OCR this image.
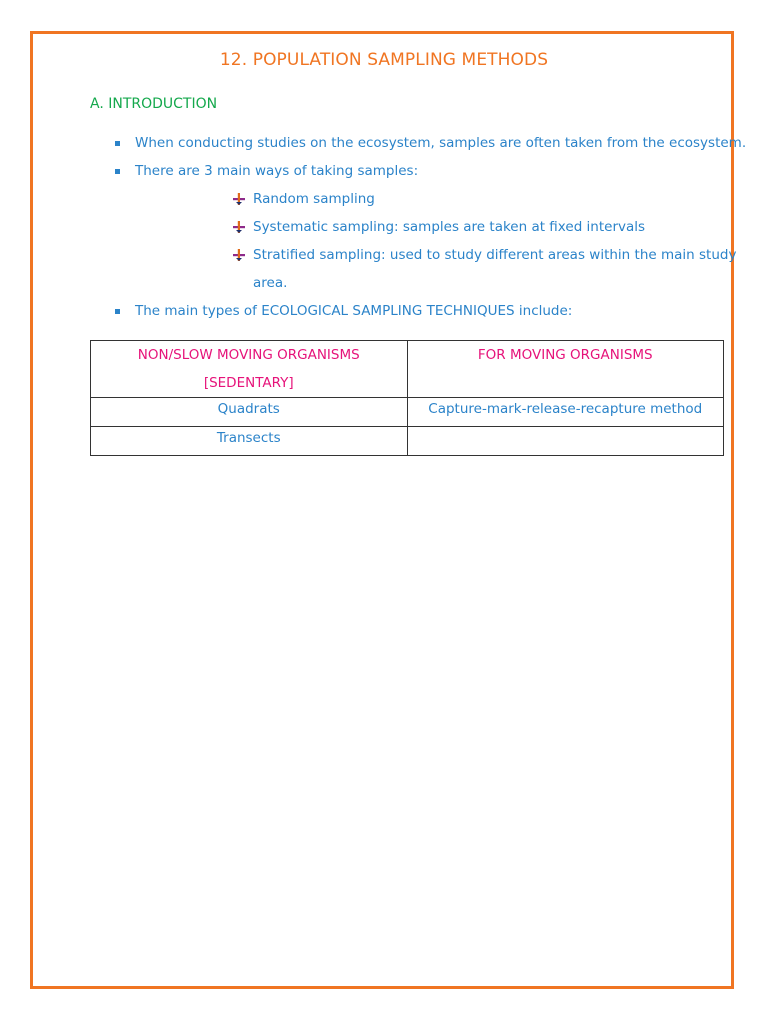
12. POPULATION SAMPLING METHODS
A. INTRODUCTION
When conducting studies on the ecosystem, samples are often taken from the ecosystem.
There are 3 main ways of taking samples:
Random sampling
Systematic sampling: samples are taken at fixed intervals
Stratified sampling: used to study different areas within the main study
area.
The main types of ECOLOGICAL SAMPLING TECHNIQUES include:
NON/SLOW MOVING ORGANISMS
[SEDENTARY]	FOR MOVING ORGANISMS

Quadrats	Capture-mark-release-recapture method
Transects	
